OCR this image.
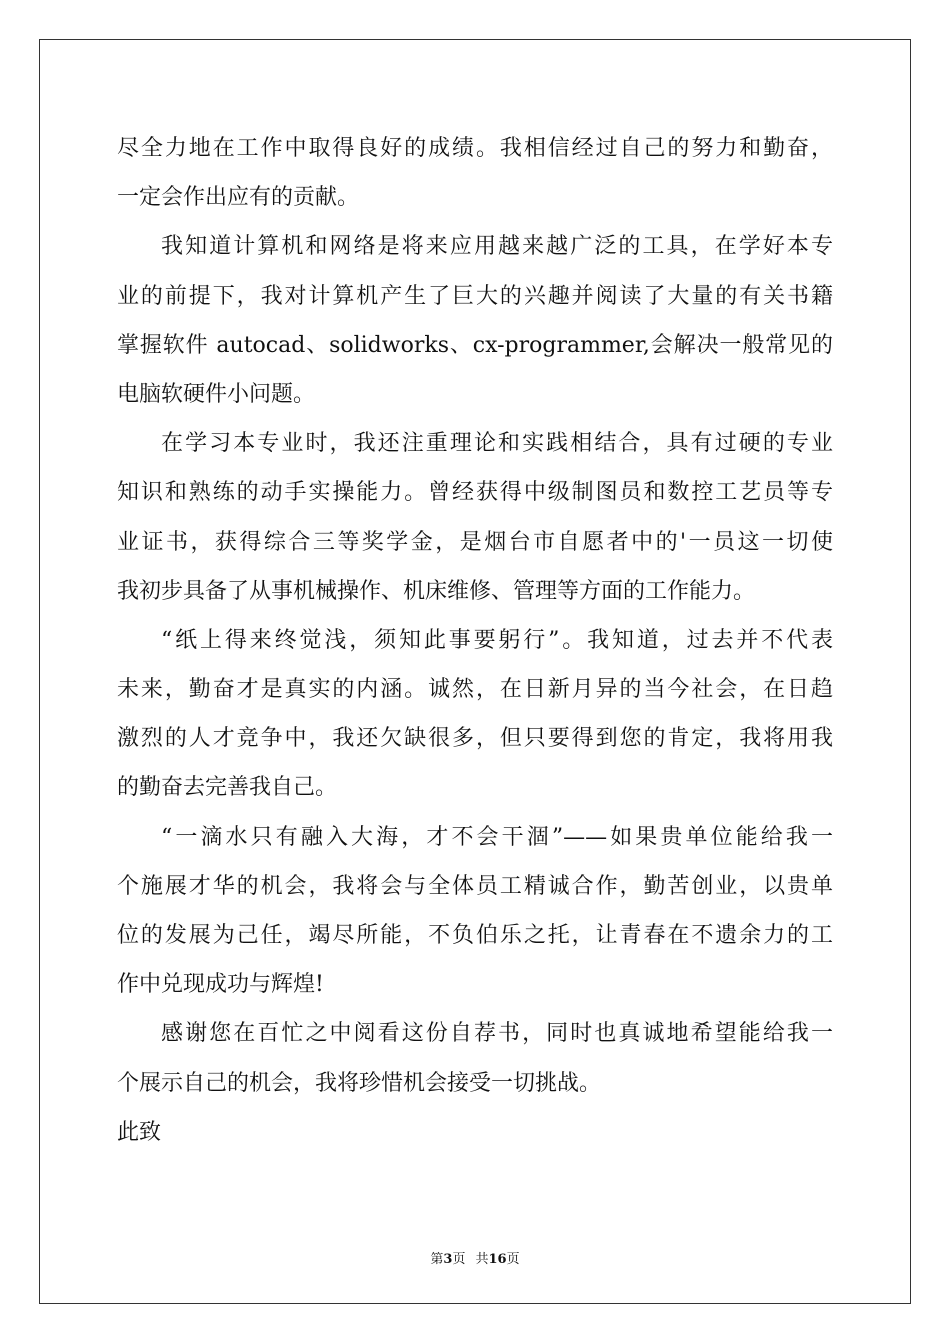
尽全力地在工作中取得良好的成绩。我相信经过自己的努力和勤奋，
一定会作出应有的贡献。
我知道计算机和网络是将来应用越来越广泛的工具，在学好本专
业的前提下，我对计算机产生了巨大的兴趣并阅读了大量的有关书籍
掌握软件 autocad、solidworks、cx-programmer,会解决一般常见的
电脑软硬件小问题。
在学习本专业时，我还注重理论和实践相结合，具有过硬的专业
知识和熟练的动手实操能力。曾经获得中级制图员和数控工艺员等专
业证书，获得综合三等奖学金，是烟台市自愿者中的'一员这一切使
我初步具备了从事机械操作、机床维修、管理等方面的工作能力。
“纸上得来终觉浅，须知此事要躬行”。我知道，过去并不代表
未来，勤奋才是真实的内涵。诚然，在日新月异的当今社会，在日趋
激烈的人才竞争中，我还欠缺很多，但只要得到您的肯定，我将用我
的勤奋去完善我自己。
“一滴水只有融入大海，才不会干涸”——如果贵单位能给我一
个施展才华的机会，我将会与全体员工精诚合作，勤苦创业，以贵单
位的发展为己任，竭尽所能，不负伯乐之托，让青春在不遗余力的工
作中兑现成功与辉煌!
感谢您在百忙之中阅看这份自荐书，同时也真诚地希望能给我一
个展示自己的机会，我将珍惜机会接受一切挑战。
此致
第3页 共16页
